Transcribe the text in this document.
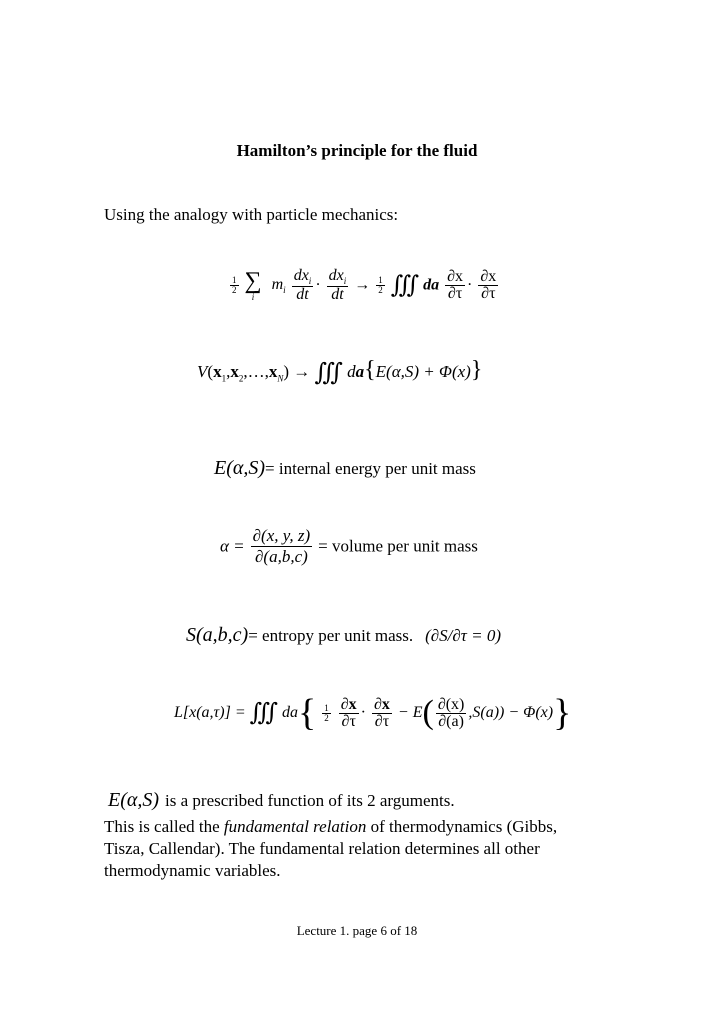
Hamilton’s principle for the fluid
Using the analogy with particle mechanics:
$\frac{1}{2}$
∑
i
$m_i \frac{dx_i}{dt} \cdot \frac{dx_i}{dt} \to \frac{1}{2}$ ∭ da $\frac{\partial x}{\partial\tau} \cdot \frac{\partial x}{\partial\tau}$
$V(x_1,x_2,\dots,x_N)$ → ∭ da{E(α,S) + Φ(x)}
E(α,S)= internal energy per unit mass
$\alpha = \frac{\partial(x, y, z)}{\partial(a,b,c)}$ = volume per unit mass
S(a,b,c)= entropy per unit mass. (∂S/∂τ = 0)
L[x(a,τ)] = ∭ $da\{ \frac{1}{2}$
$\frac{\partial x}{\partial\tau} \cdot \frac{\partial x}{\partial\tau} - E( \frac{\partial(x)}{\partial(a)} ,S(a)) - \Phi(x)$}
E(α,S) is a prescribed function of its 2 arguments.
This is called the fundamental relation of thermodynamics (Gibbs,
Tisza, Callendar). The fundamental relation determines all other
thermodynamic variables.
Lecture 1. page 6 of 18
